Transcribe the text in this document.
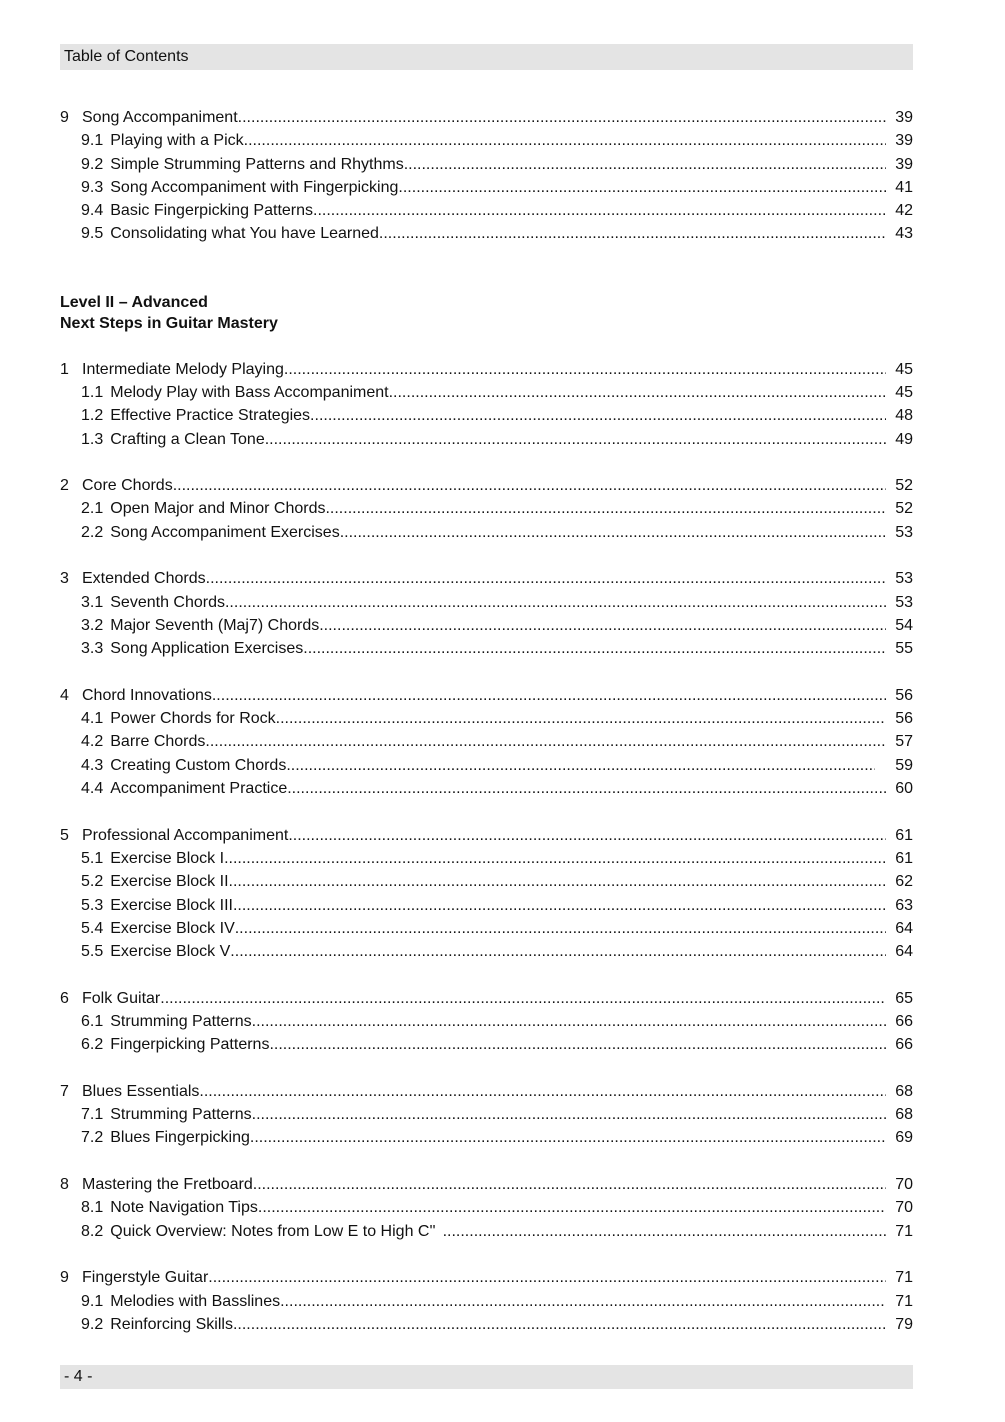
Table of Contents
9 Song Accompaniment .....	39
9.1 Playing with a Pick .....	39
9.2 Simple Strumming Patterns and Rhythms .....	39
9.3 Song Accompaniment with Fingerpicking .....	41
9.4 Basic Fingerpicking Patterns .....	42
9.5 Consolidating what You have Learned .....	43
Level II – Advanced
Next Steps in Guitar Mastery
1 Intermediate Melody Playing .....	45
1.1 Melody Play with Bass Accompaniment .....	45
1.2 Effective Practice Strategies .....	48
1.3 Crafting a Clean Tone .....	49
2 Core Chords .....	52
2.1 Open Major and Minor Chords .....	52
2.2 Song Accompaniment Exercises .....	53
3 Extended Chords .....	53
3.1 Seventh Chords .....	53
3.2 Major Seventh (Maj7) Chords .....	54
3.3 Song Application Exercises .....	55
4 Chord Innovations .....	56
4.1 Power Chords for Rock .....	56
4.2 Barre Chords .....	57
4.3 Creating Custom Chords .....	59
4.4 Accompaniment Practice .....	60
5 Professional Accompaniment .....	61
5.1 Exercise Block I .....	61
5.2 Exercise Block II .....	62
5.3 Exercise Block III .....	63
5.4 Exercise Block IV .....	64
5.5 Exercise Block V .....	64
6 Folk Guitar .....	65
6.1 Strumming Patterns .....	66
6.2 Fingerpicking Patterns .....	66
7 Blues Essentials .....	68
7.1 Strumming Patterns .....	68
7.2 Blues Fingerpicking .....	69
8 Mastering the Fretboard .....	70
8.1 Note Navigation Tips .....	70
8.2 Quick Overview: Notes from Low E to High C'' .....	71
9 Fingerstyle Guitar .....	71
9.1 Melodies with Basslines .....	71
9.2 Reinforcing Skills .....	79
- 4 -
